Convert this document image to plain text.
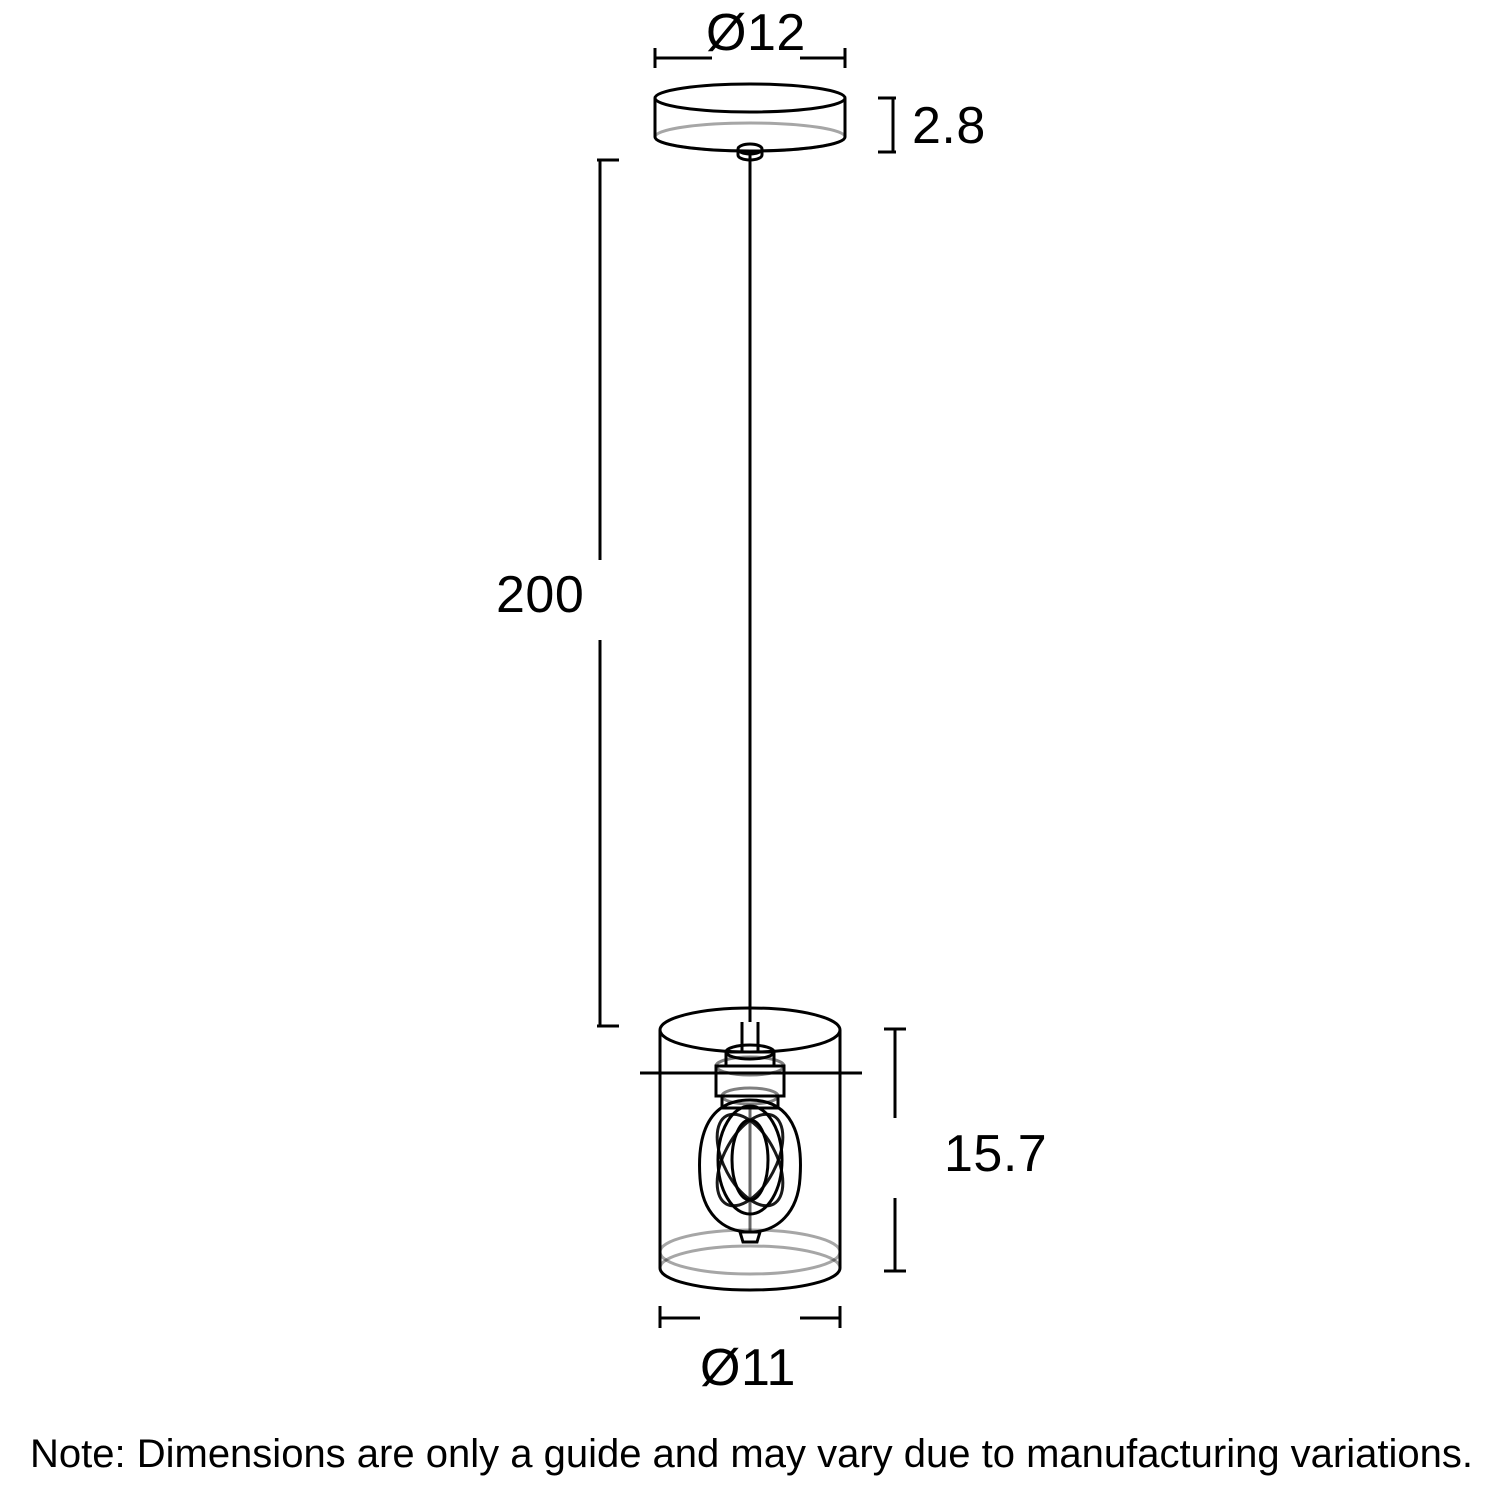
Ø12
2.8
200
15.7
Ø11
Note: Dimensions are only a guide and may vary due to manufacturing variations.
